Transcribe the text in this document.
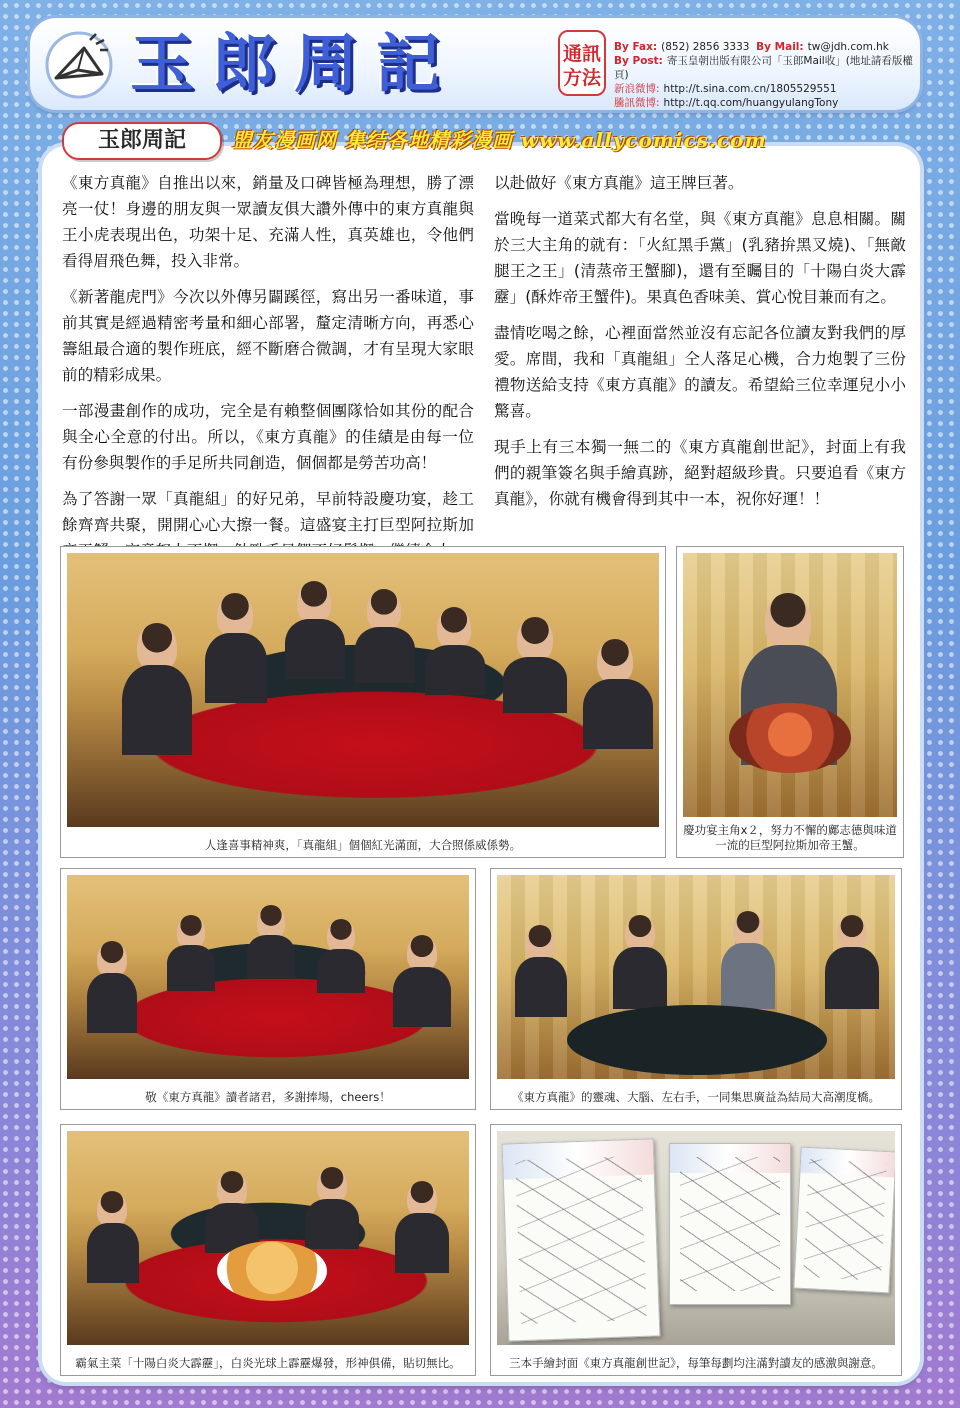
玉郎周記	通訊
方法
By Fax: (852) 2856 3333 By Mail: tw@jdh.com.hk
By Post: 寄玉皇朝出版有限公司「玉郎Mail收」(地址請看版權頁)
新浪微博: http://t.sina.com.cn/1805529551
騰訊微博: http://t.qq.com/huangyulangTony
玉郎周記	盟友漫画网 集结各地精彩漫画 www.allycomics.com

《東方真龍》自推出以來，銷量及口碑皆極為理想，勝了漂亮一仗！身邊的朋友與一眾讀友俱大讚外傳中的東方真龍與王小虎表現出色，功架十足、充滿人性，真英雄也，令他們看得眉飛色舞，投入非常。

《新著龍虎門》今次以外傳另闢蹊徑，寫出另一番味道，事前其實是經過精密考量和細心部署，釐定清晰方向，再悉心籌組最合適的製作班底，經不斷磨合微調，才有呈現大家眼前的精彩成果。

一部漫畫創作的成功，完全是有賴整個團隊恰如其份的配合與全心全意的付出。所以，《東方真龍》的佳績是由每一位有份參與製作的手足所共同創造，個個都是勞苦功高！

為了答謝一眾「真龍組」的好兄弟，早前特設慶功宴，趁工餘齊齊共聚，開開心心大擦一餐。這盛宴主打巨型阿拉斯加

以赴做好《東方真龍》這王牌巨著。

當晚每一道菜式都大有名堂，與《東方真龍》息息相關。關於三大主角的就有：「火紅黑手黨」(乳豬拚黑叉燒)、「無敵腿王之王」(清蒸帝王蟹腳)，還有至矚目的「十陽白炎大霹靂」(酥炸帝王蟹件)。果真色香味美、賞心悅目兼而有之。

盡情吃喝之餘，心裡面當然並沒有忘記各位讀友對我們的厚愛。席間，我和「真龍組」仝人落足心機，合力炮製了三份禮物送給支持《東方真龍》的讀友。希望給三位幸運兒小小驚喜。

現手上有三本獨一無二的《東方真龍創世記》，封面上有我們的親筆簽名與手繪真跡，絕對超級珍貴。只要追看《東方真龍》，你就有機會得到其中一本，祝你好運！！

人逢喜事精神爽，「真龍組」個個紅光滿面，大合照係威係勢。
慶功宴主角x２，努力不懈的鄺志德與味道一流的巨型阿拉斯加帝王蟹。
敬《東方真龍》讀者諸君，多謝捧場，cheers！	《東方真龍》的靈魂、大腦、左右手，一同集思廣益為結局大高潮度橋。
霸氣主菜「十陽白炎大霹靂」，白炎光球上霹靂爆發，形神俱備，貼切無比。	三本手繪封面《東方真龍創世記》，每筆每劃均注滿對讀友的感激與謝意。
